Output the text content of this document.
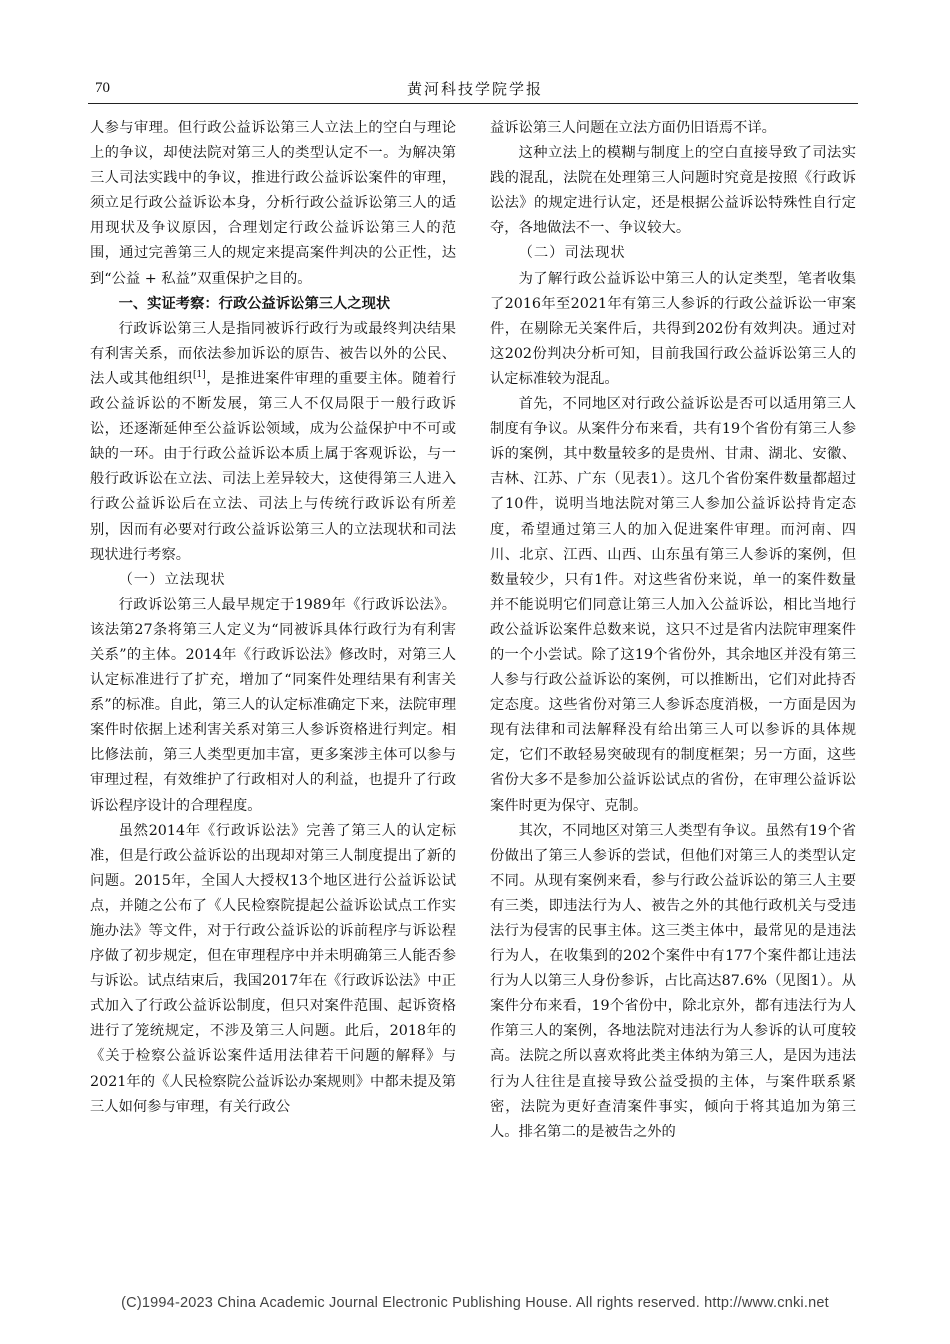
70	黄河科技学院学报

人参与审理。但行政公益诉讼第三人立法上的空白与理论上的争议，却使法院对第三人的类型认定不一。为解决第三人司法实践中的争议，推进行政公益诉讼案件的审理，须立足行政公益诉讼本身，分析行政公益诉讼第三人的适用现状及争议原因，合理划定行政公益诉讼第三人的范围，通过完善第三人的规定来提高案件判决的公正性，达到“公益 + 私益”双重保护之目的。

一、实证考察：行政公益诉讼第三人之现状

行政诉讼第三人是指同被诉行政行为或最终判决结果有利害关系，而依法参加诉讼的原告、被告以外的公民、法人或其他组织[1]，是推进案件审理的重要主体。随着行政公益诉讼的不断发展，第三人不仅局限于一般行政诉讼，还逐渐延伸至公益诉讼领域，成为公益保护中不可或缺的一环。由于行政公益诉讼本质上属于客观诉讼，与一般行政诉讼在立法、司法上差异较大，这使得第三人进入行政公益诉讼后在立法、司法上与传统行政诉讼有所差别，因而有必要对行政公益诉讼第三人的立法现状和司法现状进行考察。

（一）立法现状

行政诉讼第三人最早规定于1989年《行政诉讼法》。该法第27条将第三人定义为“同被诉具体行政行为有利害关系”的主体。2014年《行政诉讼法》修改时，对第三人认定标准进行了扩充，增加了“同案件处理结果有利害关系”的标准。自此，第三人的认定标准确定下来，法院审理案件时依据上述利害关系对第三人参诉资格进行判定。相比修法前，第三人类型更加丰富，更多案涉主体可以参与审理过程，有效维护了行政相对人的利益，也提升了行政诉讼程序设计的合理程度。

虽然2014年《行政诉讼法》完善了第三人的认定标准，但是行政公益诉讼的出现却对第三人制度提出了新的问题。2015年，全国人大授权13个地区进行公益诉讼试点，并随之公布了《人民检察院提起公益诉讼试点工作实施办法》等文件，对于行政公益诉讼的诉前程序与诉讼程序做了初步规定，但在审理程序中并未明确第三人能否参与诉讼。试点结束后，我国2017年在《行政诉讼法》中正式加入了行政公益诉讼制度，但只对案件范围、起诉资格进行了笼统规定，不涉及第三人问题。此后，2018年的《关于检察公益诉讼案件适用法律若干问题的解释》与2021年的《人民检察院公益诉讼办案规则》中都未提及第三人如何参与审理，有关行政公

益诉讼第三人问题在立法方面仍旧语焉不详。

这种立法上的模糊与制度上的空白直接导致了司法实践的混乱，法院在处理第三人问题时究竟是按照《行政诉讼法》的规定进行认定，还是根据公益诉讼特殊性自行定夺，各地做法不一、争议较大。

（二）司法现状

为了解行政公益诉讼中第三人的认定类型，笔者收集了2016年至2021年有第三人参诉的行政公益诉讼一审案件，在剔除无关案件后，共得到202份有效判决。通过对这202份判决分析可知，目前我国行政公益诉讼第三人的认定标准较为混乱。

首先，不同地区对行政公益诉讼是否可以适用第三人制度有争议。从案件分布来看，共有19个省份有第三人参诉的案例，其中数量较多的是贵州、甘肃、湖北、安徽、吉林、江苏、广东（见表1）。这几个省份案件数量都超过了10件，说明当地法院对第三人参加公益诉讼持肯定态度，希望通过第三人的加入促进案件审理。而河南、四川、北京、江西、山西、山东虽有第三人参诉的案例，但数量较少，只有1件。对这些省份来说，单一的案件数量并不能说明它们同意让第三人加入公益诉讼，相比当地行政公益诉讼案件总数来说，这只不过是省内法院审理案件的一个小尝试。除了这19个省份外，其余地区并没有第三人参与行政公益诉讼的案例，可以推断出，它们对此持否定态度。这些省份对第三人参诉态度消极，一方面是因为现有法律和司法解释没有给出第三人可以参诉的具体规定，它们不敢轻易突破现有的制度框架；另一方面，这些省份大多不是参加公益诉讼试点的省份，在审理公益诉讼案件时更为保守、克制。

其次，不同地区对第三人类型有争议。虽然有19个省份做出了第三人参诉的尝试，但他们对第三人的类型认定不同。从现有案例来看，参与行政公益诉讼的第三人主要有三类，即违法行为人、被告之外的其他行政机关与受违法行为侵害的民事主体。这三类主体中，最常见的是违法行为人，在收集到的202个案件中有177个案件都让违法行为人以第三人身份参诉，占比高达87.6%（见图1）。从案件分布来看，19个省份中，除北京外，都有违法行为人作第三人的案例，各地法院对违法行为人参诉的认可度较高。法院之所以喜欢将此类主体纳为第三人，是因为违法行为人往往是直接导致公益受损的主体，与案件联系紧密，法院为更好查清案件事实，倾向于将其追加为第三人。排名第二的是被告之外的

(C)1994-2023 China Academic Journal Electronic Publishing House. All rights reserved. http://www.cnki.net
